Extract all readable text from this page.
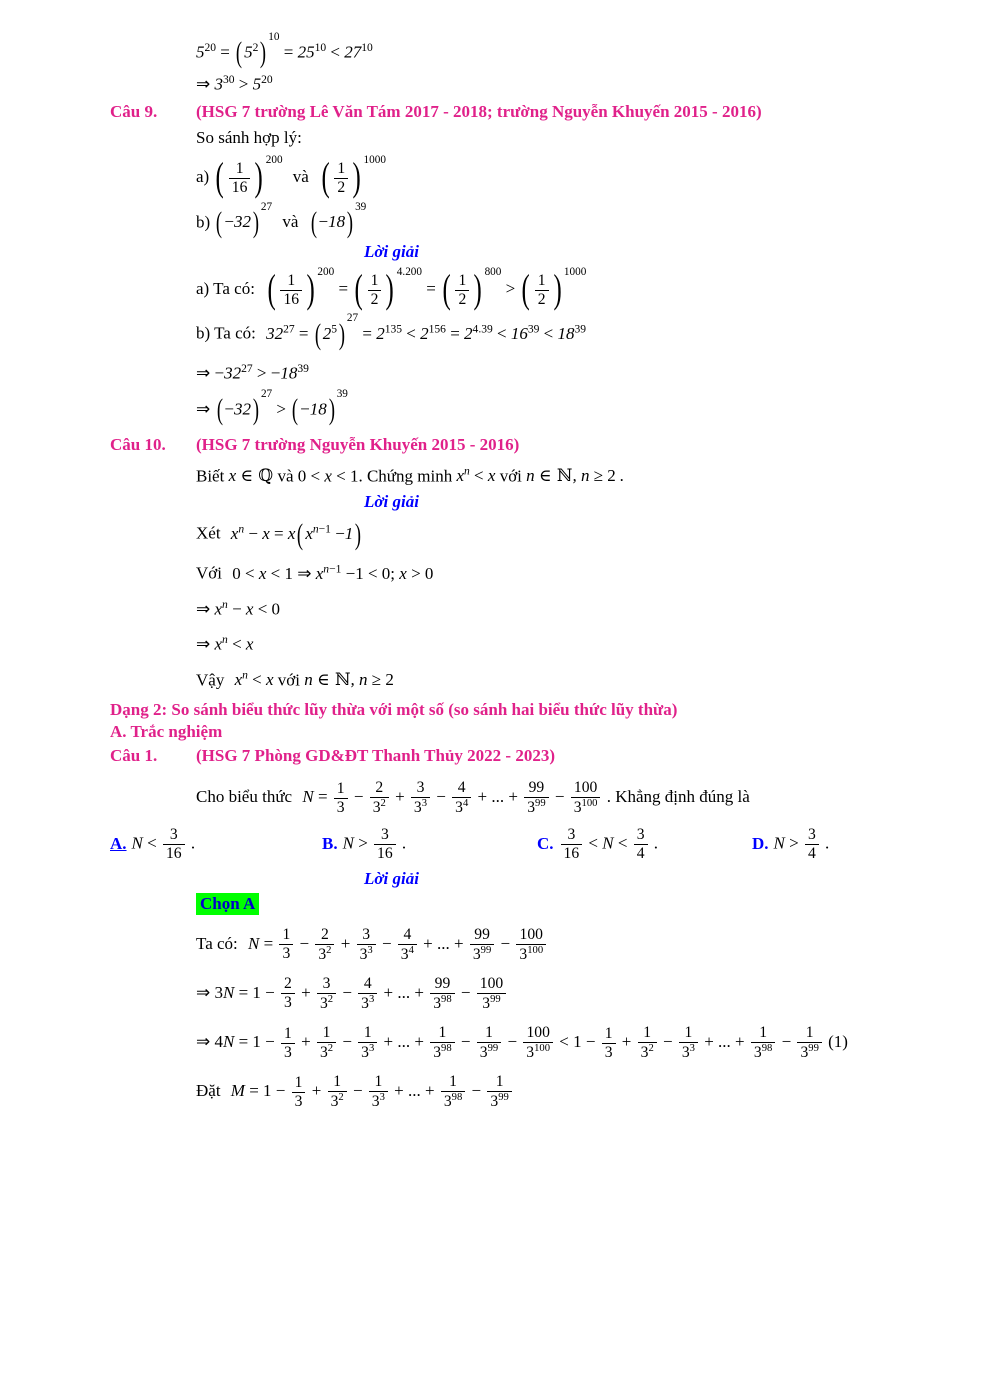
$5^{20}$ = ( $5^2$) $10 = 25^{10} < 27^{10}$
⇒ $3^{30} > 5^{20}$
Câu 9.	(HSG 7 trường Lê Văn Tám 2017 - 2018; trường Nguyễn Khuyến 2015 - 2016)
So sánh hợp lý:
a) ( $\frac{1}{16}$ ) 200 và ( $\frac{1}{2}$ ) 1000
b) ( −32) 27 và ( −18) 39
Lời giải
a) Ta có: ( $\frac{1}{16}$ ) 200 = ( $\frac{1}{2}$ ) 4.200 = ( $\frac{1}{2}$ ) 800 > ( $\frac{1}{2}$ ) 1000
b) Ta có: $32^{27}$ = ( $2^5$) $27 = 2^{135} < 2^{156} = 2^{4.39} < 16^{39} < 18^{39}$
⇒ $-32^{27} > -18^{39}$
⇒ ( −32) 27 > ( −18) 39
Câu 10.	(HSG 7 trường Nguyễn Khuyến 2015 - 2016)
Biết x ∈ ℚ và 0 < x < 1. Chứng minh $x^n < x$ với n ∈ ℕ, n ≥ 2 .
Lời giải
Xét $x^n - x = x$( $x^{n-1} -1$)
Với 0 < x < 1 ⇒ $x^{n-1} -1 < 0$; x > 0
⇒ $x^n - x < 0$
⇒ $x^n < x$
Vậy $x^n < x$ với n ∈ ℕ, n ≥ 2
Dạng 2: So sánh biểu thức lũy thừa với một số (so sánh hai biểu thức lũy thừa)
A. Trắc nghiệm
Câu 1.	(HSG 7 Phòng GD&ĐT Thanh Thủy 2022 - 2023)
Cho biểu thức $N = \frac{1}{3} - \frac{2}{3^2} + \frac{3}{3^3} - \frac{4}{3^4}$ + ... + $\frac{99}{3^{99}} - \frac{100}{3^{100}}$ . Khẳng định đúng là
A. $N < \frac{3}{16}$ .	B. $N > \frac{3}{16}$ .	C. $\frac{3}{16} < N < \frac{3}{4}$ .	D. $N > \frac{3}{4}$ .
Lời giải
Chọn A
Ta có: $N = \frac{1}{3} - \frac{2}{3^2} + \frac{3}{3^3} - \frac{4}{3^4}$ + ... + $\frac{99}{3^{99}} - \frac{100}{3^{100}}$
⇒ $3N = 1 - \frac{2}{3} + \frac{3}{3^2} - \frac{4}{3^3}$ + ... + $\frac{99}{3^{98}} - \frac{100}{3^{99}}$
⇒ $4N = 1 - \frac{1}{3} + \frac{1}{3^2} - \frac{1}{3^3}$ + ... + $\frac{1}{3^{98}} - \frac{1}{3^{99}} - \frac{100}{3^{100}} < 1 - \frac{1}{3} + \frac{1}{3^2} - \frac{1}{3^3}$ + ... + $\frac{1}{3^{98}} - \frac{1}{3^{99}} (1)$
Đặt $M = 1 - \frac{1}{3} + \frac{1}{3^2} - \frac{1}{3^3}$ + ... + $\frac{1}{3^{98}} - \frac{1}{3^{99}}$
